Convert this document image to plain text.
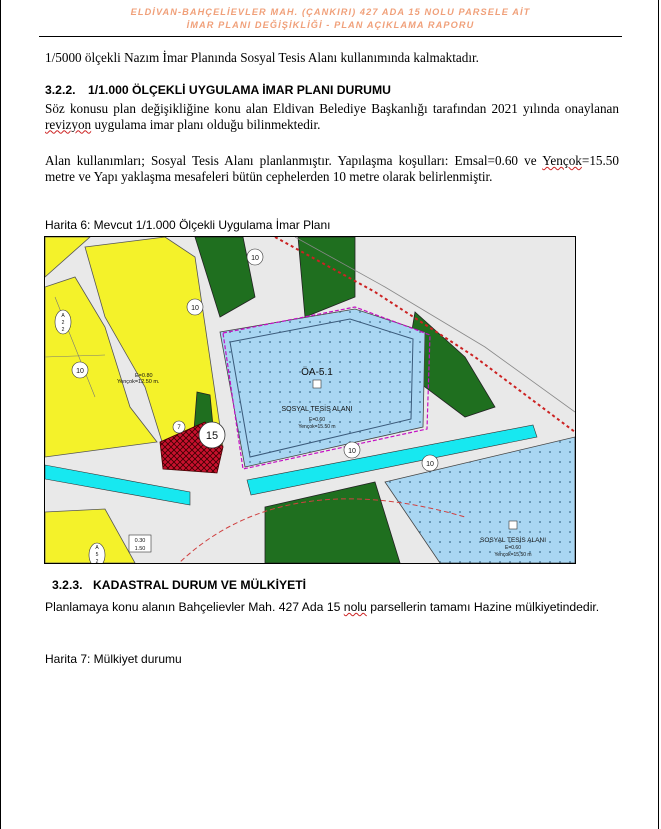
ELDİVAN-BAHÇELİEVLER MAH. (ÇANKIRI) 427 ADA 15 NOLU PARSELE AİT
İMAR PLANI DEĞİŞİKLİĞİ - PLAN AÇIKLAMA RAPORU
1/5000 ölçekli Nazım İmar Planında Sosyal Tesis Alanı kullanımında kalmaktadır.
3.2.2. 1/1.000 ÖLÇEKLİ UYGULAMA İMAR PLANI DURUMU
Söz konusu plan değişikliğine konu alan Eldivan Belediye Başkanlığı tarafından 2021 yılında onaylanan revizyon uygulama imar planı olduğu bilinmektedir.
Alan kullanımları; Sosyal Tesis Alanı planlanmıştır. Yapılaşma koşulları: Emsal=0.60 ve Yençok=15.50 metre ve Yapı yaklaşma mesafeleri bütün cephelerden 10 metre olarak belirlenmiştir.
Harita 6: Mevcut 1/1.000 Ölçekli Uygulama İmar Planı
ÖA-5.1
SOSYAL TESİS ALANI
E=0.60
Yençok=15.50 m
E=0.80
Yençok=12.50 m.
SOSYAL TESİS ALANI
E=0.60
Yençok=15,50 m
15
10
10
10
10
10
7
0.30
1.50
A
2
2
A
5
2
3.2.3. KADASTRAL DURUM VE MÜLKİYETİ
Planlamaya konu alanın Bahçelievler Mah. 427 Ada 15 nolu parsellerin tamamı Hazine mülkiyetindedir.
Harita 7: Mülkiyet durumu
